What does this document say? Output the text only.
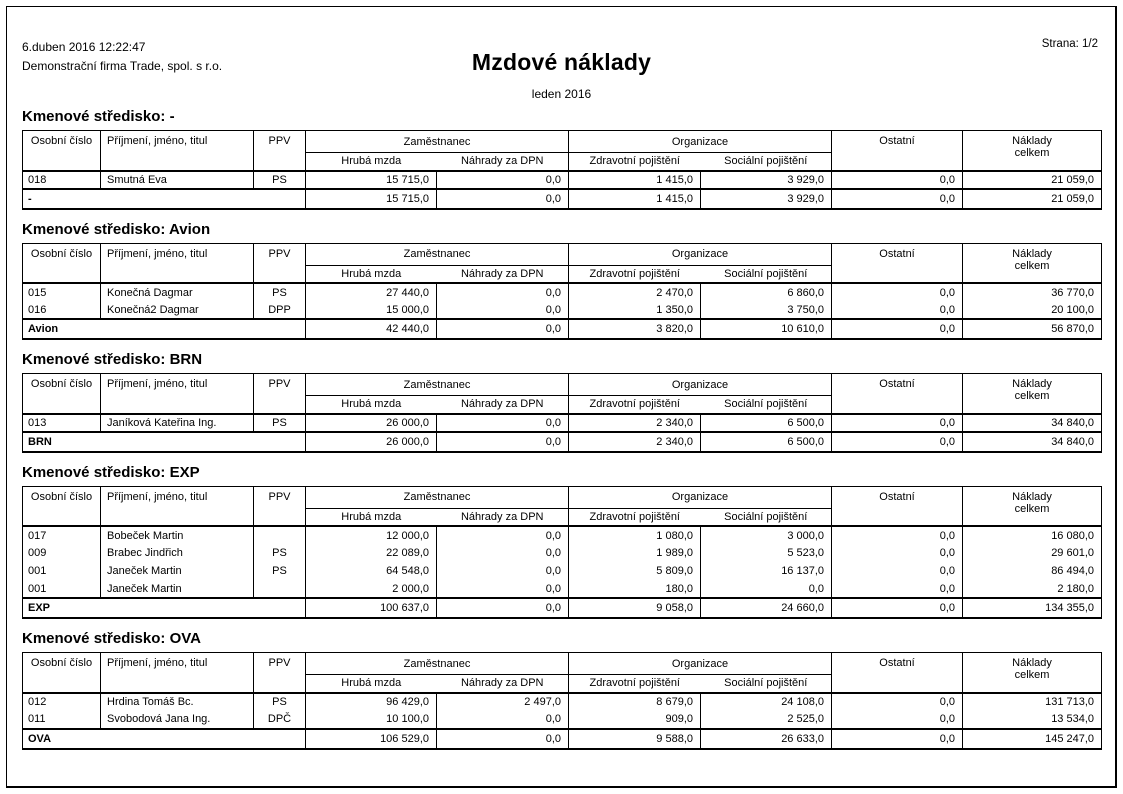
6.duben 2016 12:22:47
Demonstrační firma Trade, spol. s r.o.	Mzdové náklady
leden 2016
Strana: 1/2
Kmenové středisko: -
Osobní číslo	Příjmení, jméno, titul	PPV	Zaměstnanec		Organizace		Ostatní	Náklady
celkem
			Hrubá mzda	Náhrady za DPN	Zdravotní pojištění	Sociální pojištění		
018	Smutná Eva	PS	15 715,0	0,0	1 415,0	3 929,0	0,0	21 059,0
-			15 715,0	0,0	1 415,0	3 929,0	0,0	21 059,0
Kmenové středisko: Avion
Osobní číslo	Příjmení, jméno, titul	PPV	Zaměstnanec		Organizace		Ostatní	Náklady
celkem
			Hrubá mzda	Náhrady za DPN	Zdravotní pojištění	Sociální pojištění		
015	Konečná Dagmar	PS	27 440,0	0,0	2 470,0	6 860,0	0,0	36 770,0
016	Konečná2 Dagmar	DPP	15 000,0	0,0	1 350,0	3 750,0	0,0	20 100,0
Avion			42 440,0	0,0	3 820,0	10 610,0	0,0	56 870,0
Kmenové středisko: BRN
Osobní číslo	Příjmení, jméno, titul	PPV	Zaměstnanec		Organizace		Ostatní	Náklady
celkem
			Hrubá mzda	Náhrady za DPN	Zdravotní pojištění	Sociální pojištění		
013	Janíková Kateřina Ing.	PS	26 000,0	0,0	2 340,0	6 500,0	0,0	34 840,0
BRN			26 000,0	0,0	2 340,0	6 500,0	0,0	34 840,0
Kmenové středisko: EXP
Osobní číslo	Příjmení, jméno, titul	PPV	Zaměstnanec		Organizace		Ostatní	Náklady
celkem
			Hrubá mzda	Náhrady za DPN	Zdravotní pojištění	Sociální pojištění		
017	Bobeček Martin		12 000,0	0,0	1 080,0	3 000,0	0,0	16 080,0
009	Brabec Jindřich	PS	22 089,0	0,0	1 989,0	5 523,0	0,0	29 601,0
001	Janeček Martin	PS	64 548,0	0,0	5 809,0	16 137,0	0,0	86 494,0
001	Janeček Martin		2 000,0	0,0	180,0	0,0	0,0	2 180,0
EXP			100 637,0	0,0	9 058,0	24 660,0	0,0	134 355,0
Kmenové středisko: OVA
Osobní číslo	Příjmení, jméno, titul	PPV	Zaměstnanec		Organizace		Ostatní	Náklady
celkem
			Hrubá mzda	Náhrady za DPN	Zdravotní pojištění	Sociální pojištění		
012	Hrdina Tomáš Bc.	PS	96 429,0	2 497,0	8 679,0	24 108,0	0,0	131 713,0
011	Svobodová Jana Ing.	DPČ	10 100,0	0,0	909,0	2 525,0	0,0	13 534,0
OVA			106 529,0	0,0	9 588,0	26 633,0	0,0	145 247,0
